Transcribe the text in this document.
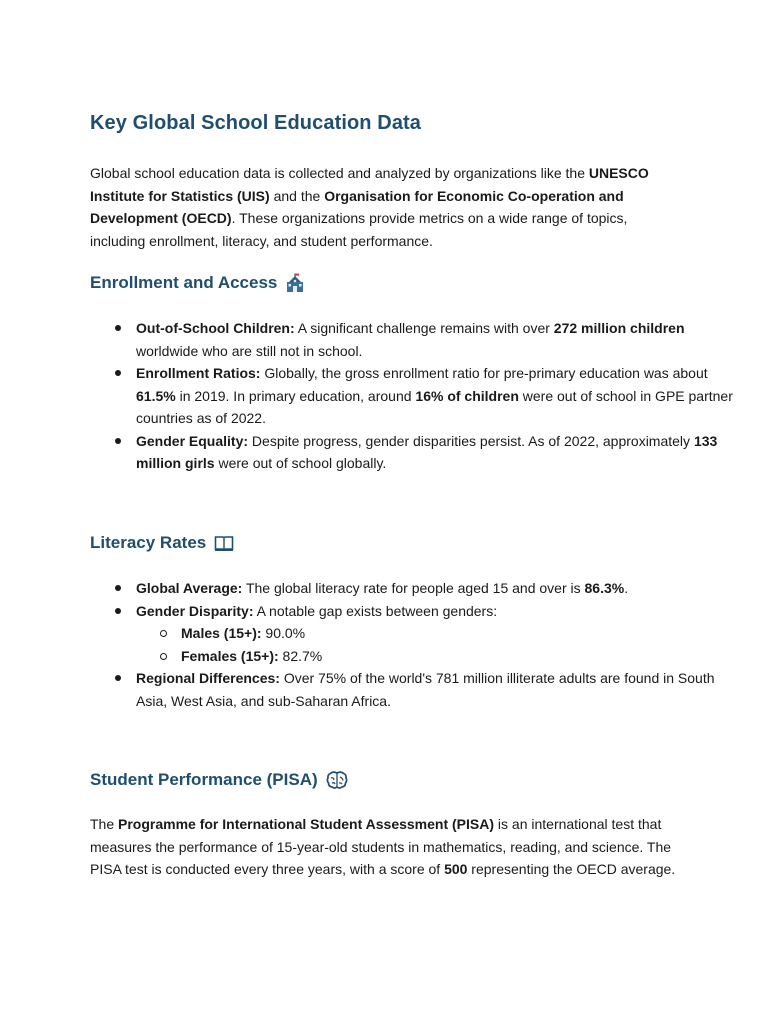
Key Global School Education Data

Global school education data is collected and analyzed by organizations like the UNESCO Institute for Statistics (UIS) and the Organisation for Economic Co-operation and Development (OECD). These organizations provide metrics on a wide range of topics, including enrollment, literacy, and student performance.

Enrollment and Access
Out-of-School Children: A significant challenge remains with over 272 million children worldwide who are still not in school.
Enrollment Ratios: Globally, the gross enrollment ratio for pre-primary education was about 61.5% in 2019. In primary education, around 16% of children were out of school in GPE partner countries as of 2022.
Gender Equality: Despite progress, gender disparities persist. As of 2022, approximately 133 million girls were out of school globally.
Literacy Rates
Global Average: The global literacy rate for people aged 15 and over is 86.3%.
Gender Disparity: A notable gap exists between genders:
Males (15+): 90.0%
Females (15+): 82.7%
Regional Differences: Over 75% of the world's 781 million illiterate adults are found in South Asia, West Asia, and sub-Saharan Africa.
Student Performance (PISA)

The Programme for International Student Assessment (PISA) is an international test that measures the performance of 15-year-old students in mathematics, reading, and science. The PISA test is conducted every three years, with a score of 500 representing the OECD average.
